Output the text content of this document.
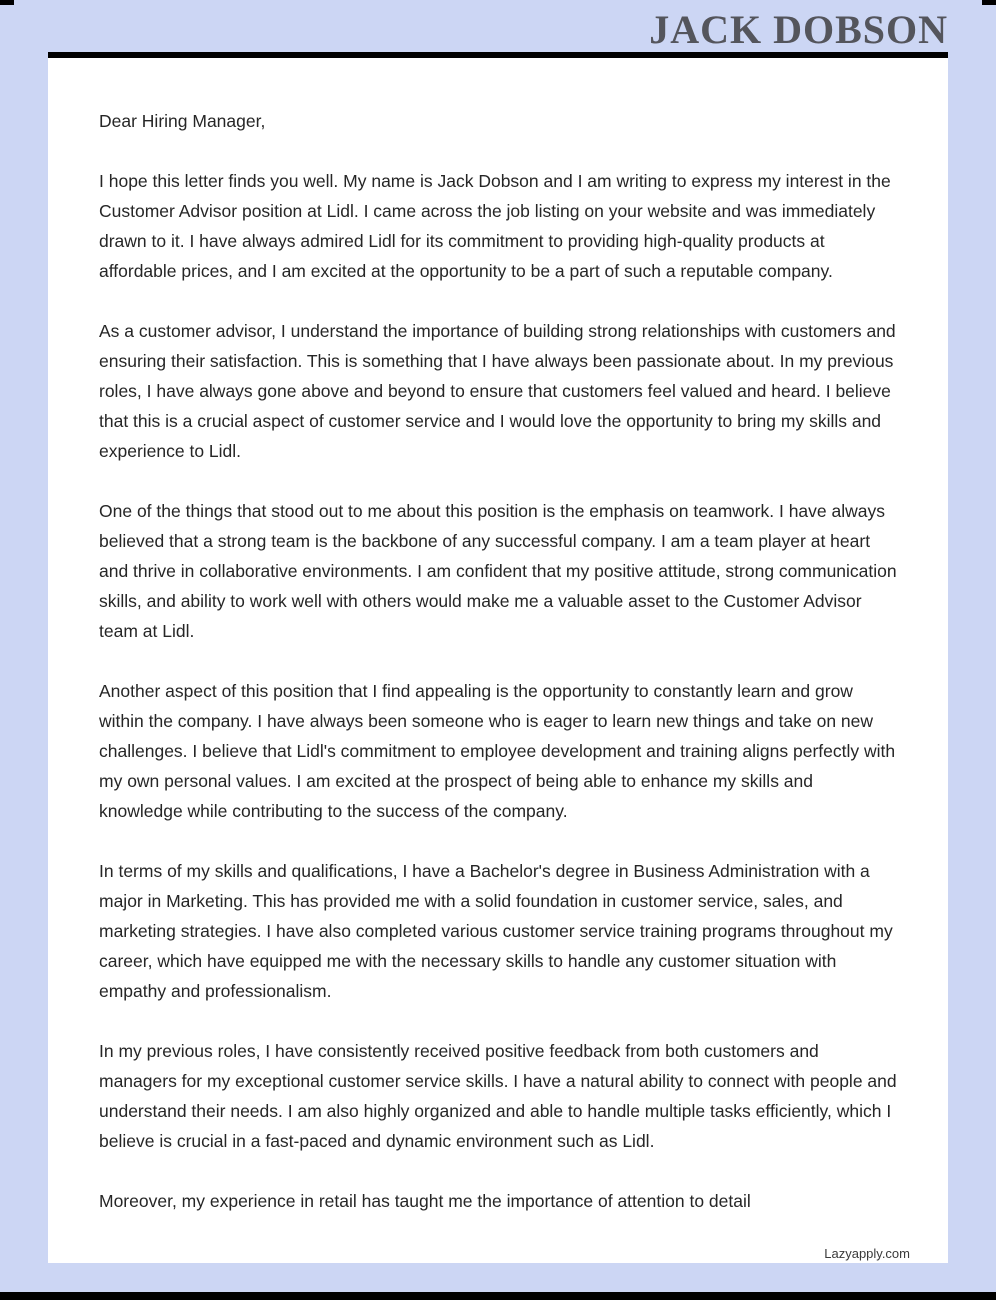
JACK DOBSON

Dear Hiring Manager,

I hope this letter finds you well. My name is Jack Dobson and I am writing to express my interest in the Customer Advisor position at Lidl. I came across the job listing on your website and was immediately drawn to it. I have always admired Lidl for its commitment to providing high-quality products at affordable prices, and I am excited at the opportunity to be a part of such a reputable company.

As a customer advisor, I understand the importance of building strong relationships with customers and ensuring their satisfaction. This is something that I have always been passionate about. In my previous roles, I have always gone above and beyond to ensure that customers feel valued and heard. I believe that this is a crucial aspect of customer service and I would love the opportunity to bring my skills and experience to Lidl.

One of the things that stood out to me about this position is the emphasis on teamwork. I have always believed that a strong team is the backbone of any successful company. I am a team player at heart and thrive in collaborative environments. I am confident that my positive attitude, strong communication skills, and ability to work well with others would make me a valuable asset to the Customer Advisor team at Lidl.

Another aspect of this position that I find appealing is the opportunity to constantly learn and grow within the company. I have always been someone who is eager to learn new things and take on new challenges. I believe that Lidl's commitment to employee development and training aligns perfectly with my own personal values. I am excited at the prospect of being able to enhance my skills and knowledge while contributing to the success of the company.

In terms of my skills and qualifications, I have a Bachelor's degree in Business Administration with a major in Marketing. This has provided me with a solid foundation in customer service, sales, and marketing strategies. I have also completed various customer service training programs throughout my career, which have equipped me with the necessary skills to handle any customer situation with empathy and professionalism.

In my previous roles, I have consistently received positive feedback from both customers and managers for my exceptional customer service skills. I have a natural ability to connect with people and understand their needs. I am also highly organized and able to handle multiple tasks efficiently, which I believe is crucial in a fast-paced and dynamic environment such as Lidl.

Moreover, my experience in retail has taught me the importance of attention to detail

Lazyapply.com
